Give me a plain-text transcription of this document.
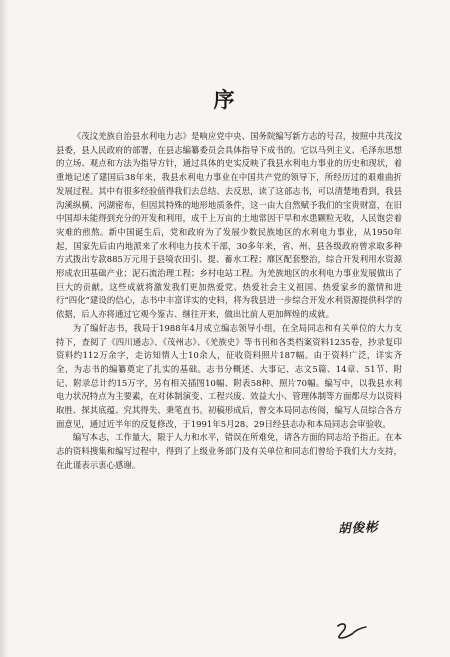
序

《茂汶羌族自治县水利电力志》是响应党中央、国务院编写新方志的号召，按照中共茂汶县委，县人民政府的部署，在县志编纂委员会具体指导下成书的。它以马列主义、毛泽东思想的立场、观点和方法为指导方针，通过具体的史实反映了我县水利电力事业的历史和现状，着重地记述了建国后38年来，我县水利电力事业在中国共产党的领导下，所经历过的艰难曲折发展过程。其中有很多经验值得我们去总结、去反思，读了这部志书，可以清楚地看到，我县沟溪纵横、河湖密布，但因其特殊的地形地质条件，这一由大自然赋予我们的宝贵财富，在旧中国却未能得到充分的开发和利用，成千上万亩的土地常因干旱和水患颗粒无收，人民饱尝着灾难的煎熬。新中国诞生后，党和政府为了发展少数民族地区的水利电力事业，从1950年起，国家先后由内地派来了水利电力技术干部，30多年来，省、州、县各级政府曾求取多种方式拨出专款885万元用于县境农田引、提、蓄水工程；靡区配套整治，综合开发利用水资源形成农田基础产业；泥石流治理工程；乡村电站工程。为羌族地区的水利电力事业发展做出了巨大的贡献。这些成就将激发我们更加热爱党、热爱社会主义祖国、热爱家乡的激情和进行“四化”建设的信心，志书中丰富详实的史料，将为我县进一步综合开发水利资源提供科学的依据，后人亦将通过它观今鉴古、继往开来，做出比前人更加辉煌的成就。

为了编好志书，我局于1988年4月成立编志领导小组，在全局同志和有关单位的大力支持下，查阅了《四川通志》、《茂州志》、《羌族史》等书刊和各类档案资料1235卷，抄录复印资料约112万余字，走访知情人士10余人，征收资料照片187幅。由于资料广泛，详实齐全，为志书的编纂奠定了扎实的基础。志书分概述、大事记、志文5篇、14章、51节、附记、附录总计约15万字，另有相关插图10幅、附表58种、照片70幅。编写中，以我县水利电力状况特点为主要素，在对体制演变、工程兴废、效益大小、管理体制等方面都尽力以资料取胜、探其底蕴、究其得失、秉笔直书。初稿形成后，曾交本局同志传阅，编写人员综合各方面意见，通过近半年的反复修改，于1991年5月28、29日经县志办和本局同志会审验收。

编写本志，工作量大，限于人力和水平，错误在所难免，请各方面的同志给予指正。在本志的资料搜集和编写过程中，得到了上级业务部门及有关单位和同志们曾给予我们大力支持，在此谨表示衷心感谢。

胡俊彬
